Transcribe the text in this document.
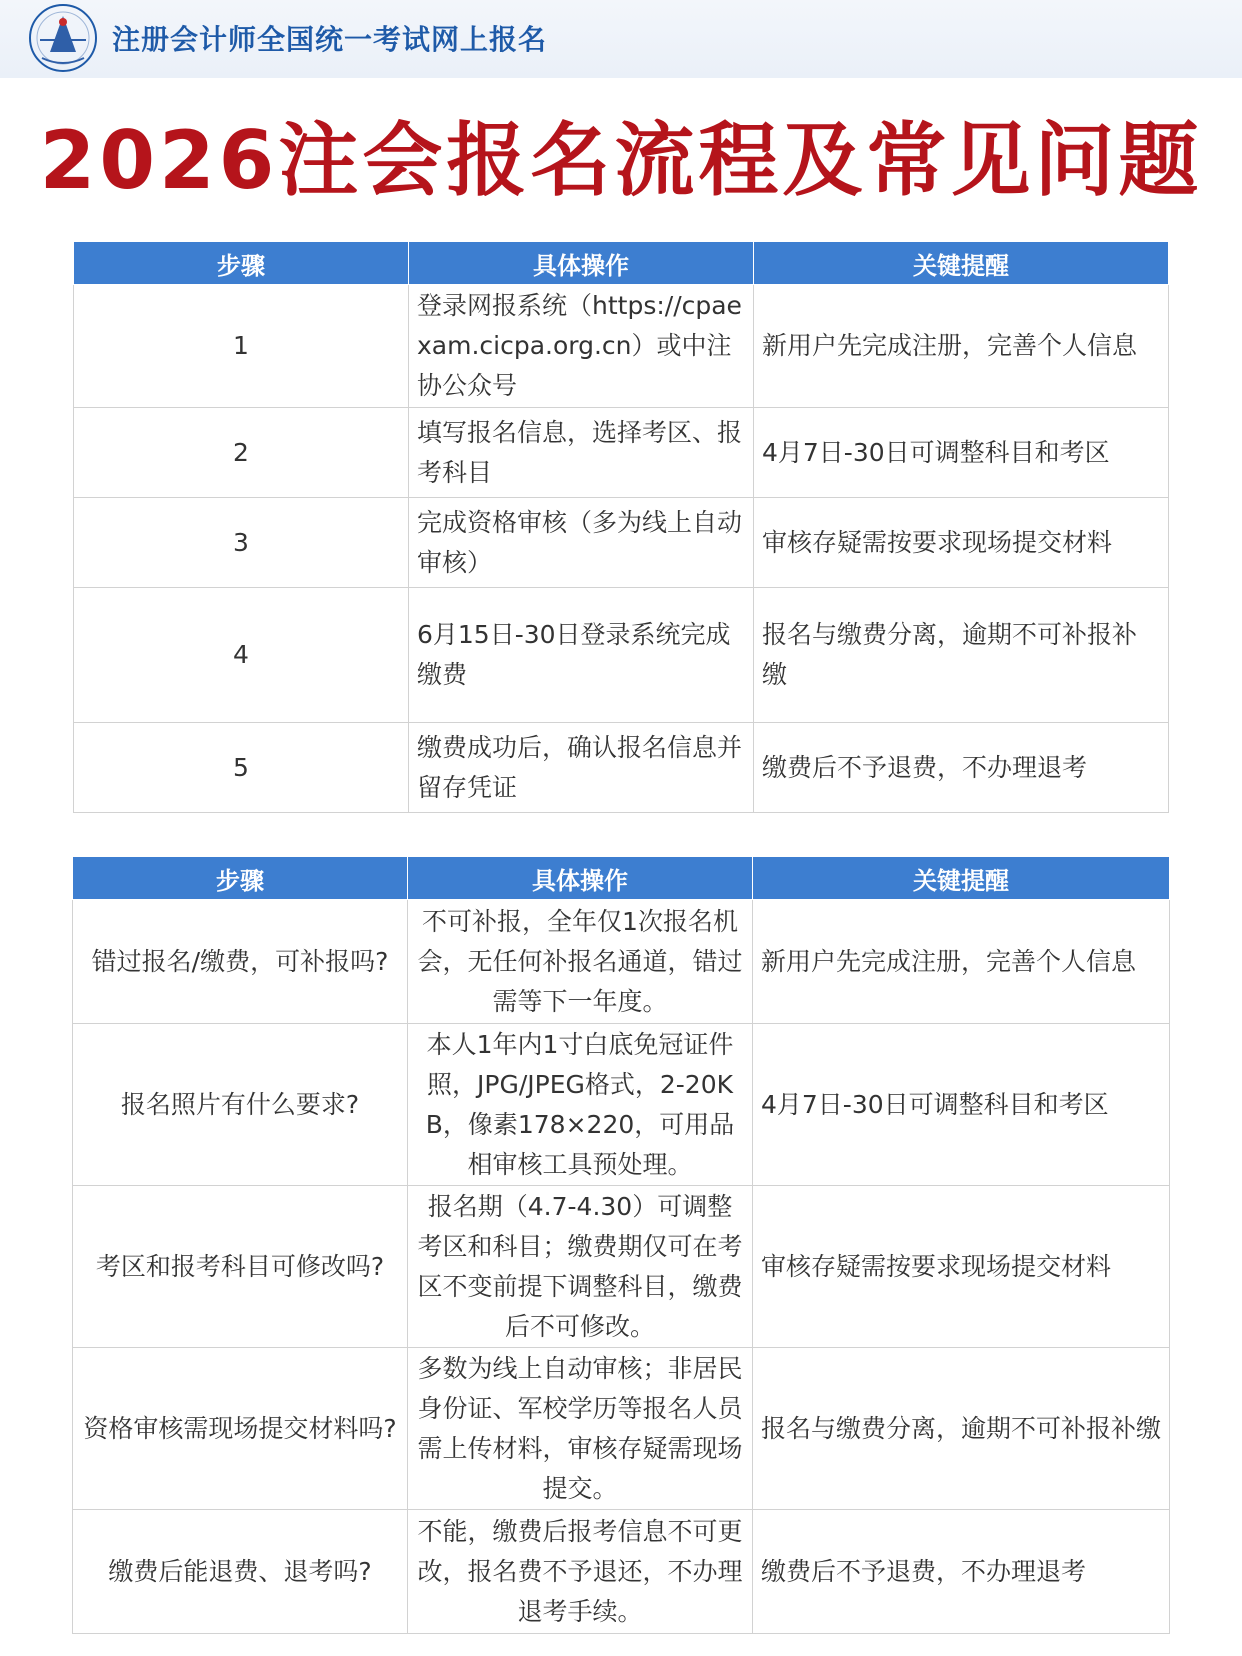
注册会计师全国统一考试网上报名
2026注会报名流程及常见问题
步骤	具体操作	关键提醒
1	登录网报系统（https://cpaexam.cicpa.org.cn）或中注协公众号	新用户先完成注册，完善个人信息
2	填写报名信息，选择考区、报考科目	4月7日-30日可调整科目和考区
3	完成资格审核（多为线上自动审核）	审核存疑需按要求现场提交材料
4	6月15日-30日登录系统完成缴费	报名与缴费分离，逾期不可补报补缴
5	缴费成功后，确认报名信息并留存凭证	缴费后不予退费，不办理退考
步骤	具体操作	关键提醒
错过报名/缴费，可补报吗?	不可补报，全年仅1次报名机会，无任何补报名通道，错过需等下一年度。	新用户先完成注册，完善个人信息
报名照片有什么要求?	本人1年内1寸白底免冠证件照，JPG/JPEG格式，2-20KB，像素178×220，可用品相审核工具预处理。	4月7日-30日可调整科目和考区
考区和报考科目可修改吗?	报名期（4.7-4.30）可调整考区和科目；缴费期仅可在考区不变前提下调整科目，缴费后不可修改。	审核存疑需按要求现场提交材料
资格审核需现场提交材料吗?	多数为线上自动审核；非居民身份证、军校学历等报名人员需上传材料，审核存疑需现场提交。	报名与缴费分离，逾期不可补报补缴
缴费后能退费、退考吗?	不能，缴费后报考信息不可更改，报名费不予退还，不办理退考手续。	缴费后不予退费，不办理退考
